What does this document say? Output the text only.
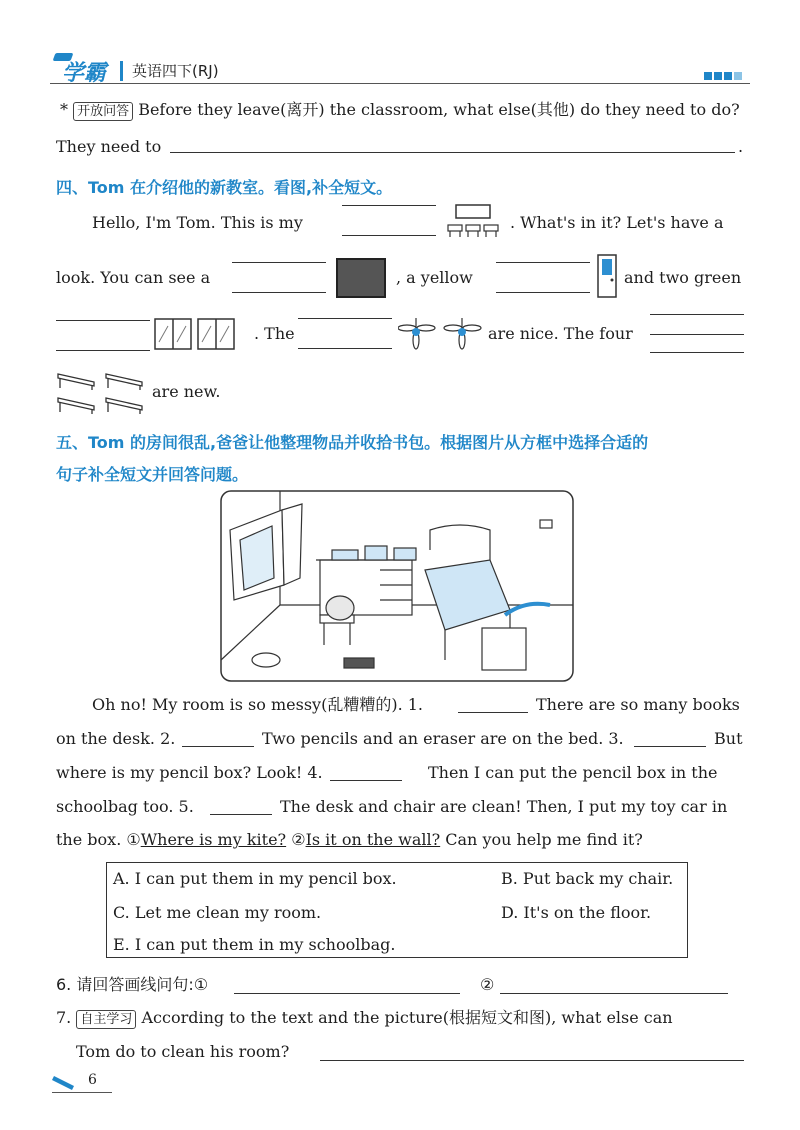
学霸 英语四下(RJ)
* 开放问答 Before they leave(离开) the classroom, what else(其他) do they need to do?
They need to	.
四、Tom 在介绍他的新教室。看图,补全短文。
Hello, I'm Tom. This is my	. What's in it? Let's have a
look. You can see a	, a yellow	and two green
. The	are nice. The four
are new.
五、Tom 的房间很乱,爸爸让他整理物品并收拾书包。根据图片从方框中选择合适的
句子补全短文并回答问题。
Oh no! My room is so messy(乱糟糟的). 1.	There are so many books
on the desk. 2.	Two pencils and an eraser are on the bed. 3.	But
where is my pencil box? Look! 4.	Then I can put the pencil box in the
schoolbag too. 5.	The desk and chair are clean! Then, I put my toy car in
the box. ①Where is my kite? ②Is it on the wall? Can you help me find it?
A. I can put them in my pencil box.	B. Put back my chair.
C. Let me clean my room.	D. It's on the floor.
E. I can put them in my schoolbag.
6. 请回答画线问句:①	②
7. 自主学习 According to the text and the picture(根据短文和图), what else can
Tom do to clean his room?
6
